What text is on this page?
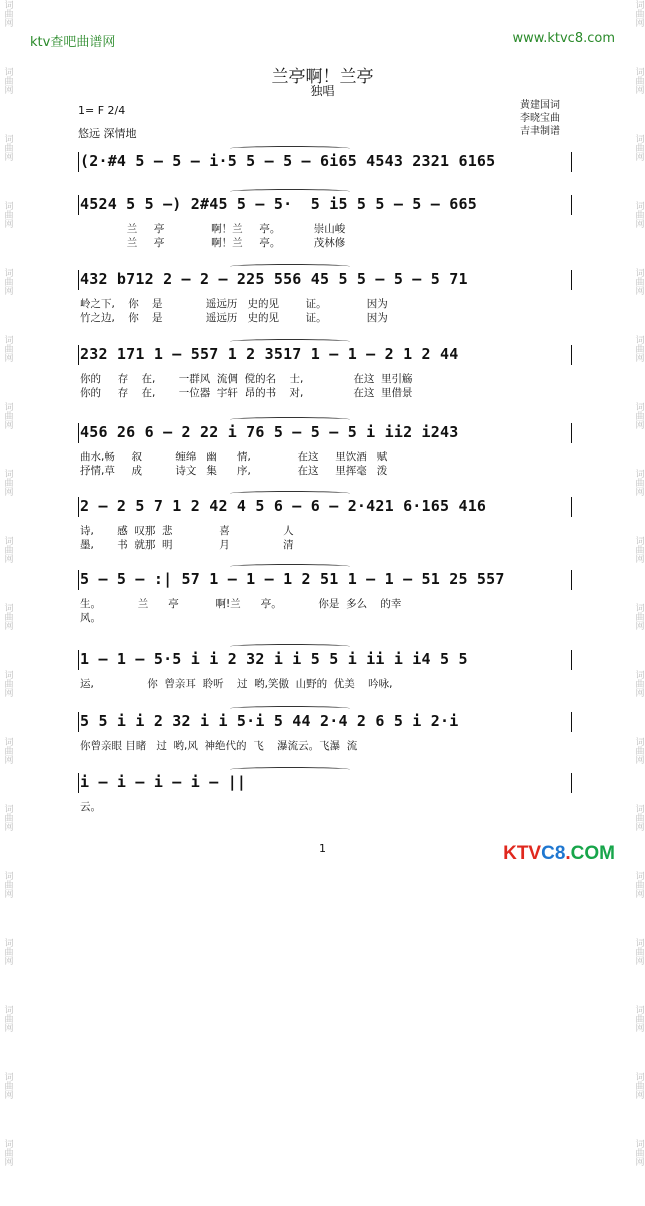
词曲网
词曲网
词曲网
词曲网
词曲网
词曲网
词曲网
词曲网
词曲网
词曲网
词曲网
词曲网
词曲网
词曲网
词曲网
词曲网
词曲网
词曲网
词曲网
词曲网
词曲网
词曲网
词曲网
词曲网
词曲网
词曲网
词曲网
词曲网
词曲网
词曲网
词曲网
词曲网
词曲网
词曲网
词曲网
词曲网
ktv查吧曲谱网	www.ktvc8.com
兰亭啊！兰亭
独唱
1= F 2/4
悠远 深情地
黄建国词
李晓宝曲
吉聿制谱
(2·#4 5 — 5 — i·5 5 — 5 — 6i65 4543 2321 6165
4524 5 5 —) 2#45 5 — 5·  5 i5 5 5 — 5 — 665
兰     亭              啊！兰     亭。          崇山峻
兰     亭              啊！兰     亭。          茂林修
432 b712 2 — 2 — 225 556 45 5 5 — 5 — 5 71
岭之下,    你    是             遥远历   史的见        证。            因为
竹之边,    你    是             遥远历   史的见        证。            因为
232 171 1 — 557 1 2 3517 1 — 1 — 2 1 2 44
你的     存    在,       一群风  流倜  傥的名    士,               在这  里引觞
你的     存    在,       一位器  宇轩  昂的书    对,               在这  里借景
456 26 6 — 2 22 i 76 5 — 5 — 5 i ii2 i243
曲水,畅     叙          缠绵   幽      情,              在这     里饮酒   赋
抒情,草     成          诗文   集      序,              在这     里挥毫   泼
2 — 2 5 7 1 2 42 4 5 6 — 6 — 2·421 6·165 416
诗,       感  叹那  悲              喜                人
墨,       书  就那  明              月                清
5 — 5 — :| 57 1 — 1 — 1 2 51 1 — 1 — 51 25 557
生。           兰      亭           啊!兰      亭。           你是  多么    的幸
风。
1 — 1 — 5·5 i i 2 32 i i 5 5 i ii i i4 5 5
运,                你  曾亲耳  聆听    过  哟,笑傲  山野的  优美    吟咏,
5 5 i i 2 32 i i 5·i 5 44 2·4 2 6 5 i 2·i
你曾亲眼 目睹   过  哟,风  神绝代的  飞    瀑流云。飞瀑  流
i — i — i — i — ||
云。
1	KTVC8.COM
